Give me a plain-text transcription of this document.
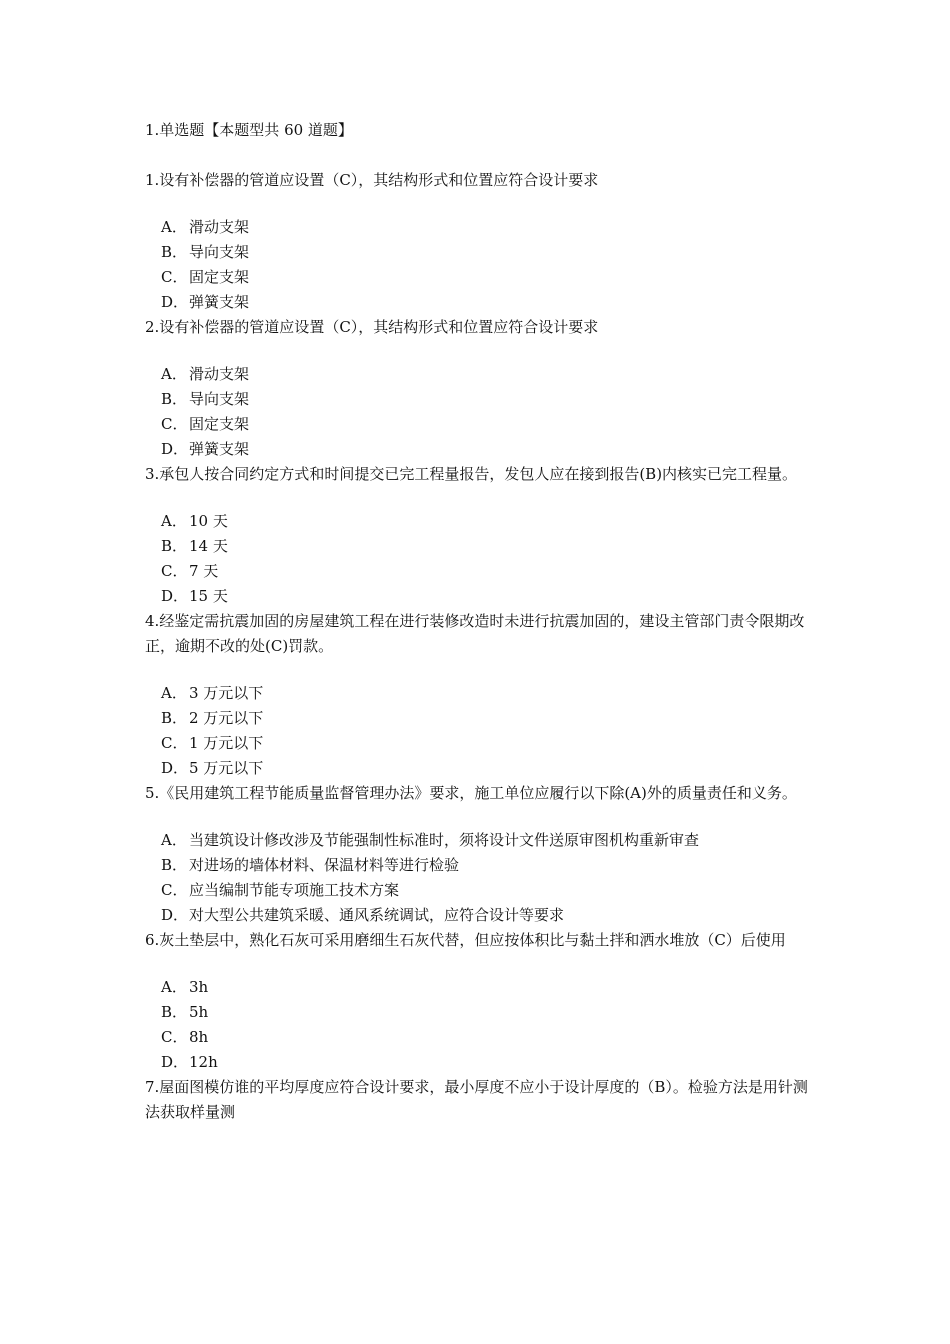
1.单选题【本题型共 60 道题】
1.设有补偿器的管道应设置（C），其结构形式和位置应符合设计要求
A． 滑动支架
B． 导向支架
C． 固定支架
D．弹簧支架
2.设有补偿器的管道应设置（C），其结构形式和位置应符合设计要求
A． 滑动支架
B． 导向支架
C． 固定支架
D．弹簧支架
3.承包人按合同约定方式和时间提交已完工程量报告，发包人应在接到报告(B)内核实已完工程量。
A． 10 天
B． 14 天
C． 7 天
D．15 天
4.经鉴定需抗震加固的房屋建筑工程在进行装修改造时未进行抗震加固的，建设主管部门责令限期改正，逾期不改的处(C)罚款。
A． 3 万元以下
B． 2 万元以下
C． 1 万元以下
D．5 万元以下
5.《民用建筑工程节能质量监督管理办法》要求，施工单位应履行以下除(A)外的质量责任和义务。
A． 当建筑设计修改涉及节能强制性标准时，须将设计文件送原审图机构重新审查
B． 对进场的墙体材料、保温材料等进行检验
C． 应当编制节能专项施工技术方案
D．对大型公共建筑采暖、通风系统调试，应符合设计等要求
6.灰土垫层中，熟化石灰可采用磨细生石灰代替，但应按体积比与黏土拌和洒水堆放（C）后使用
A． 3h
B． 5h
C． 8h
D．12h
7.屋面图模仿谁的平均厚度应符合设计要求，最小厚度不应小于设计厚度的（B）。检验方法是用针测法获取样量测
